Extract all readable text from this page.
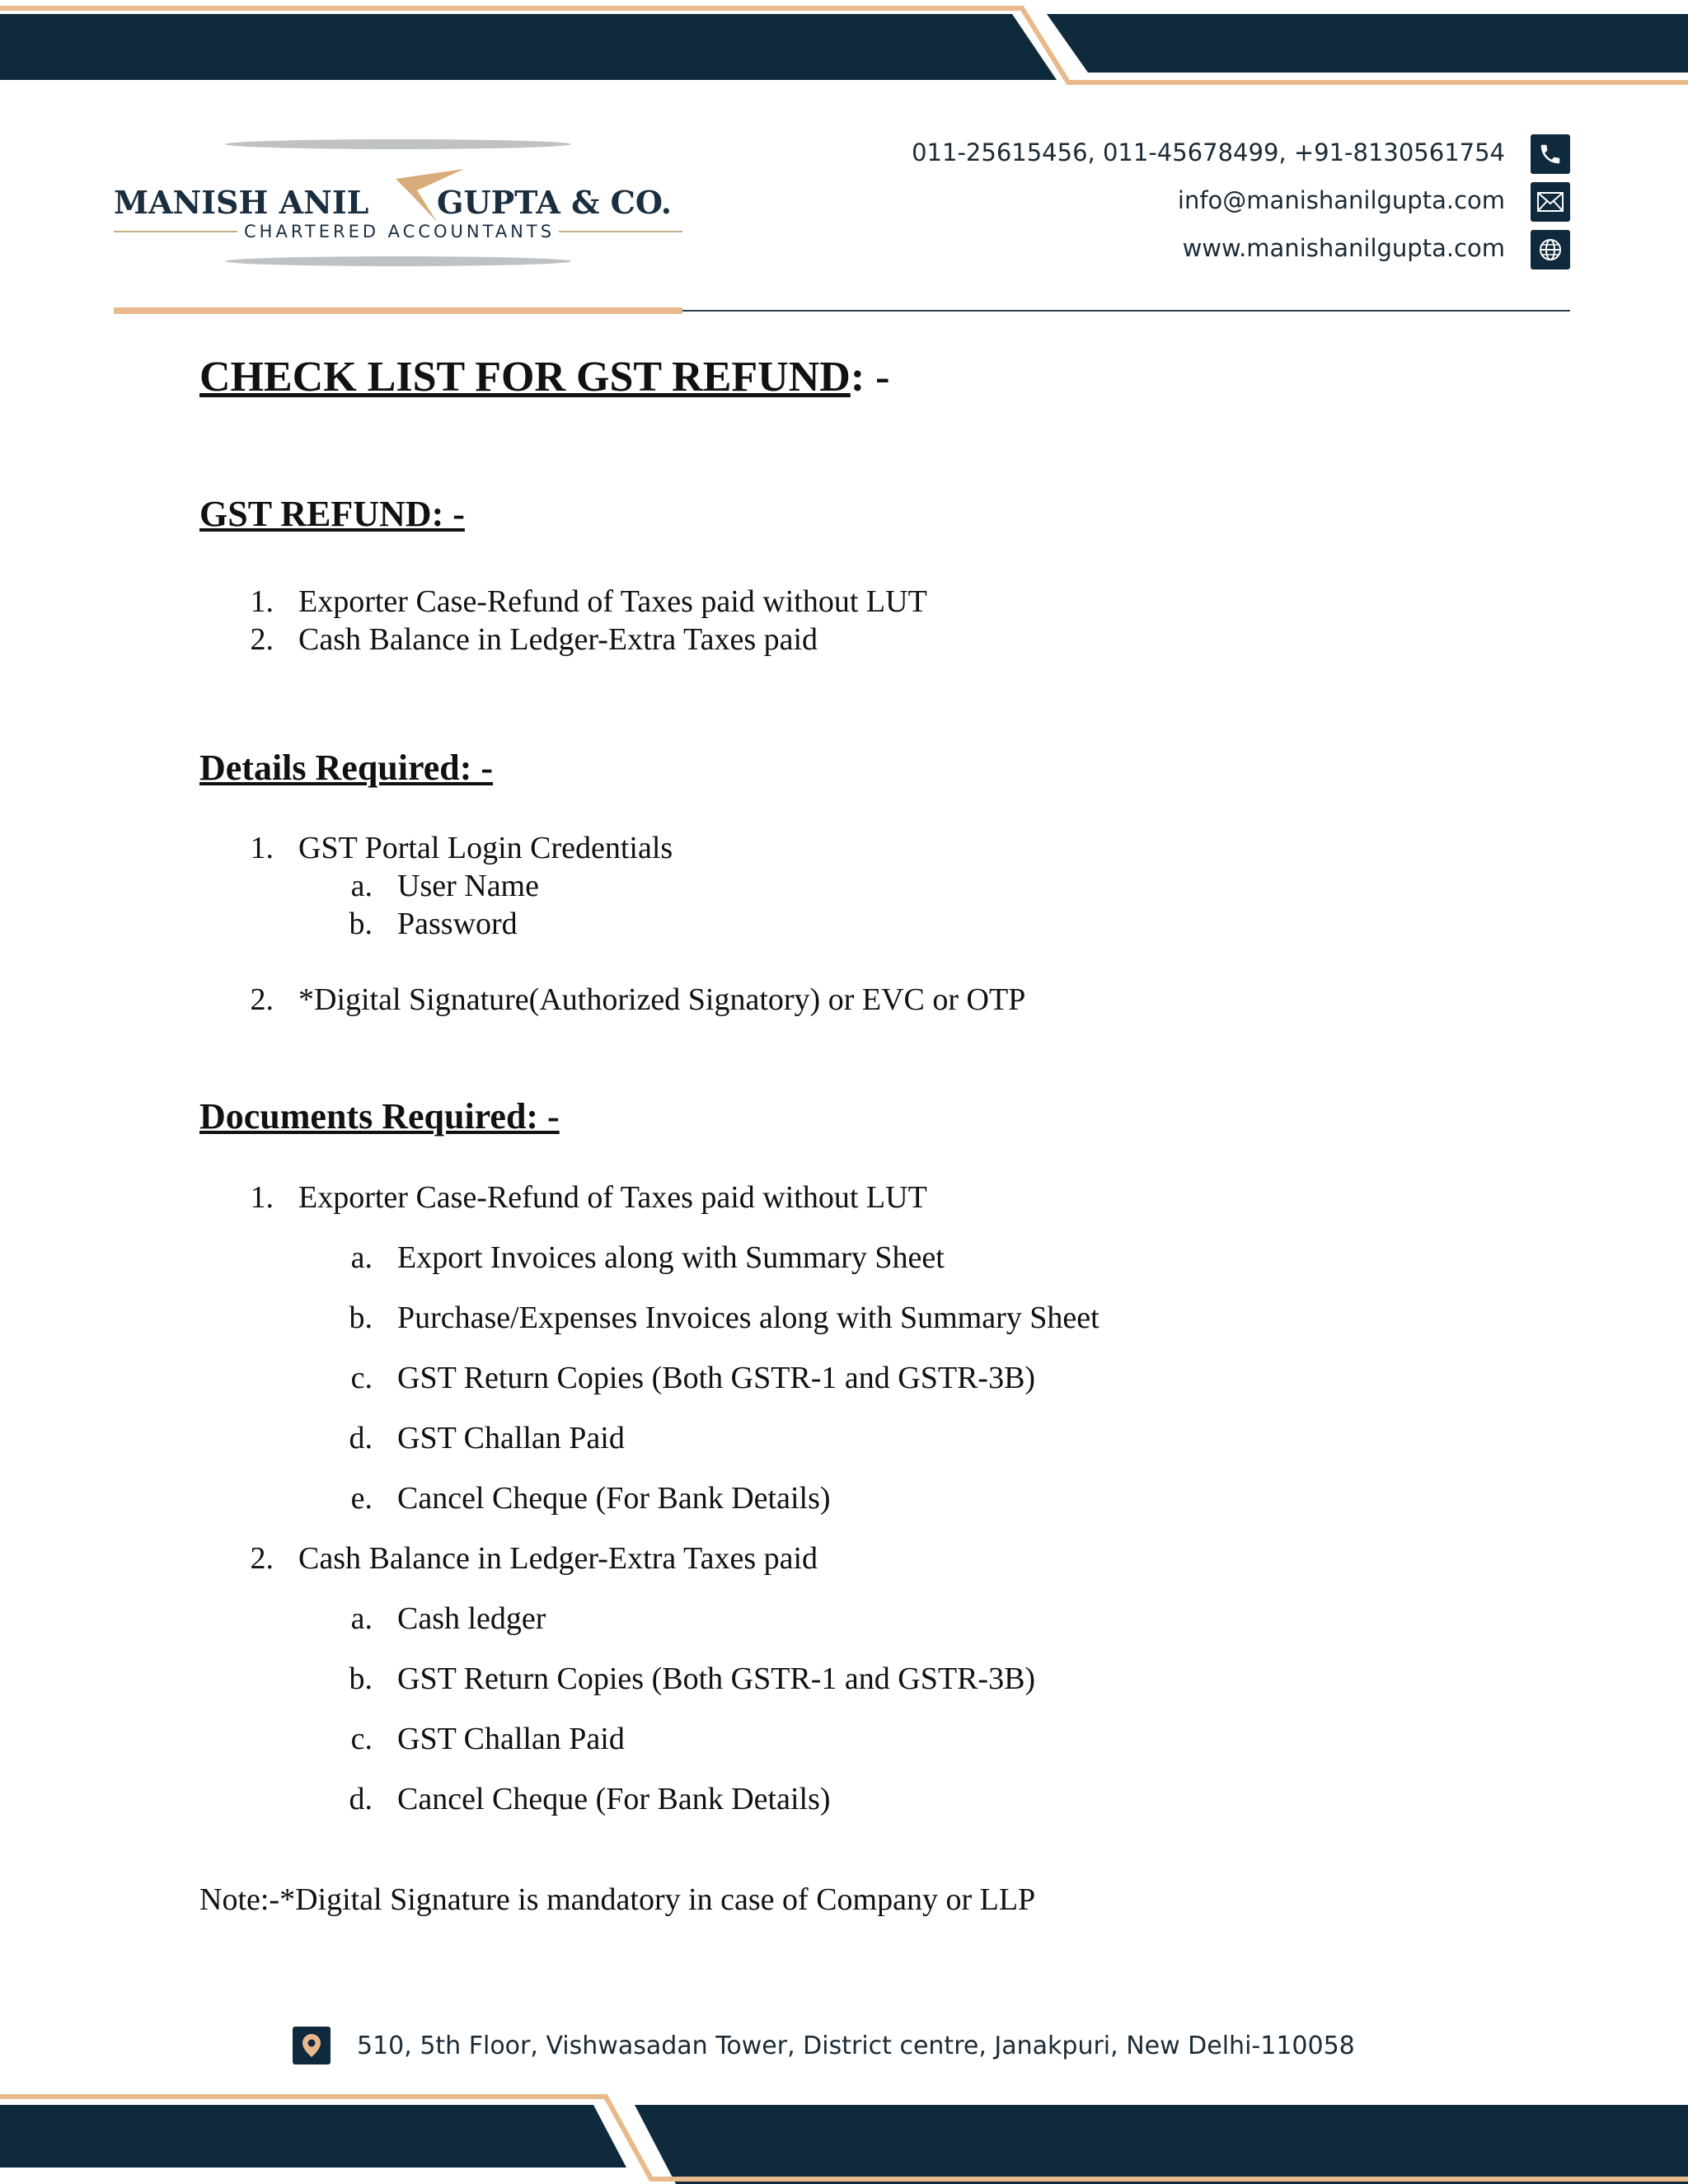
MANISH ANIL GUPTA & CO.
CHARTERED ACCOUNTANTS
011-25615456, 011-45678499, +91-8130561754
info@manishanilgupta.com
www.manishanilgupta.com
CHECK LIST FOR GST REFUND: -
GST REFUND: -
1. Exporter Case-Refund of Taxes paid without LUT
2. Cash Balance in Ledger-Extra Taxes paid
Details Required: -
1. GST Portal Login Credentials
a. User Name
b. Password
2. *Digital Signature(Authorized Signatory) or EVC or OTP
Documents Required: -
1. Exporter Case-Refund of Taxes paid without LUT
a. Export Invoices along with Summary Sheet
b. Purchase/Expenses Invoices along with Summary Sheet
c. GST Return Copies (Both GSTR-1 and GSTR-3B)
d. GST Challan Paid
e. Cancel Cheque (For Bank Details)
2. Cash Balance in Ledger-Extra Taxes paid
a. Cash ledger
b. GST Return Copies (Both GSTR-1 and GSTR-3B)
c. GST Challan Paid
d. Cancel Cheque (For Bank Details)
Note:-*Digital Signature is mandatory in case of Company or LLP
510, 5th Floor, Vishwasadan Tower, District centre, Janakpuri, New Delhi-110058
